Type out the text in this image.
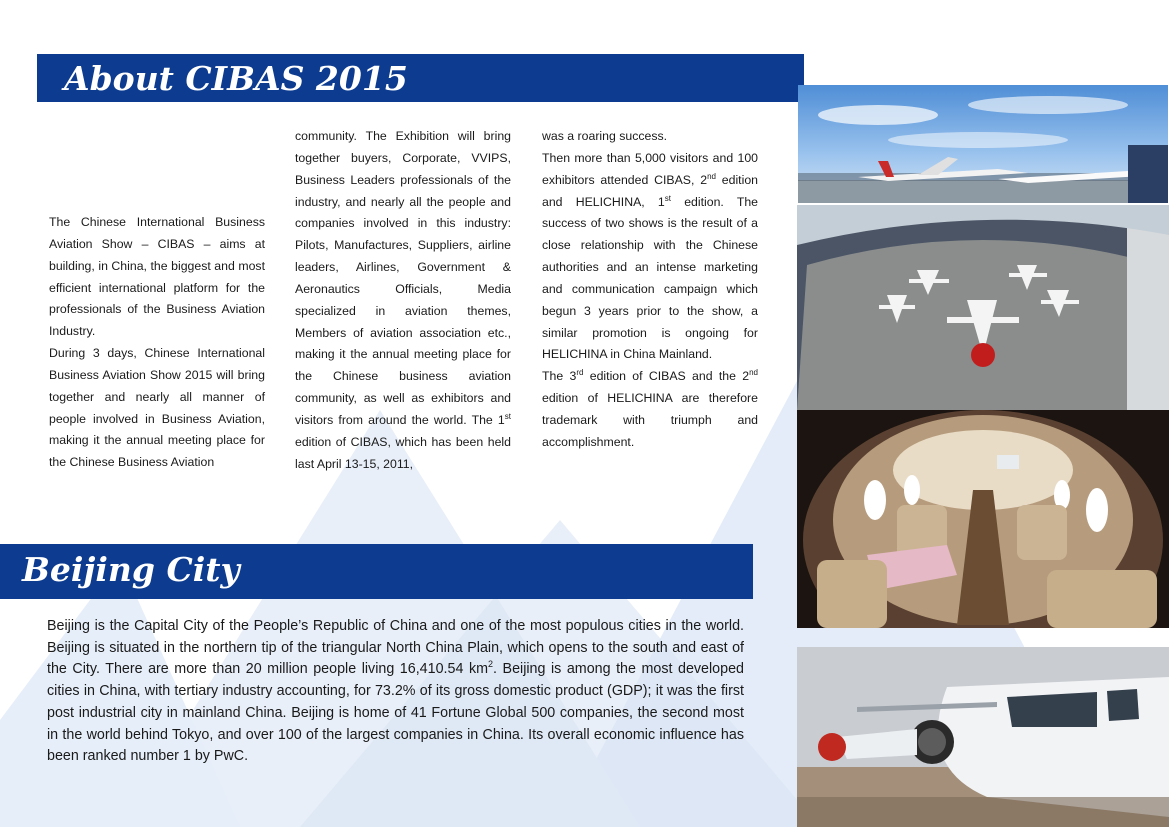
About CIBAS 2015

The Chinese International Business Aviation Show – CIBAS – aims at building, in China, the biggest and most efficient international platform for the professionals of the Business Aviation Industry.

During 3 days, Chinese International Business Aviation Show 2015 will bring together and nearly all manner of people involved in Business Aviation, making it the annual meeting place for the Chinese Business Aviation

community. The Exhibition will bring together buyers, Corporate, VVIPS, Business Leaders professionals of the industry, and nearly all the people and companies involved in this industry: Pilots, Manufactures, Suppliers, airline leaders, Airlines, Government & Aeronautics Officials, Media specialized in aviation themes, Members of aviation association etc., making it the annual meeting place for the Chinese business aviation community, as well as exhibitors and visitors from around the world. The 1st edition of CIBAS, which has been held last April 13-15, 2011,

was a roaring success.

Then more than 5,000 visitors and 100 exhibitors attended CIBAS, 2nd edition and HELICHINA, 1st edition. The success of two shows is the result of a close relationship with the Chinese authorities and an intense marketing and communication campaign which begun 3 years prior to the show, a similar promotion is ongoing for HELICHINA in China Mainland.

The 3rd edition of CIBAS and the 2nd edition of HELICHINA are therefore trademark with triumph and accomplishment.

Beijing City
Beijing is the Capital City of the People’s Republic of China and one of the most populous cities in the world. Beijing is situated in the northern tip of the triangular North China Plain, which opens to the south and east of the City. There are more than 20 million people living 16,410.54 $km^2$. Beijing is among the most developed cities in China, with tertiary industry accounting, for 73.2% of its gross domestic product (GDP); it was the first post industrial city in mainland China. Beijing is home of 41 Fortune Global 500 companies, the second most in the world behind Tokyo, and over 100 of the largest companies in China. Its overall economic influence has been ranked number 1 by PwC.
